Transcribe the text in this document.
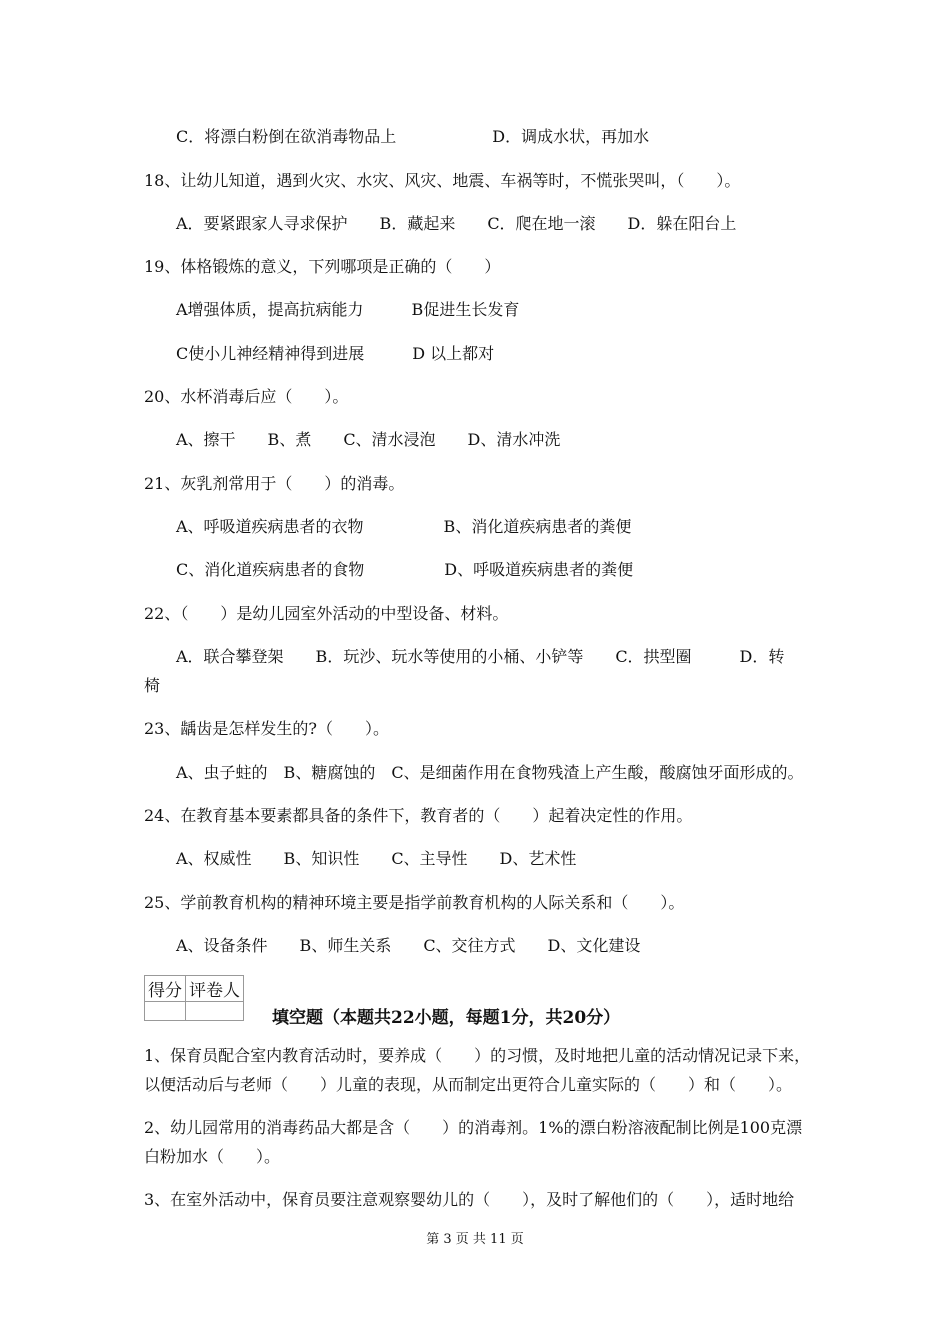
C．将漂白粉倒在欲消毒物品上　　　　　　D．调成水状，再加水

18、让幼儿知道，遇到火灾、水灾、风灾、地震、车祸等时，不慌张哭叫，（　　）。

A．要紧跟家人寻求保护　　B．藏起来　　C．爬在地一滚　　D．躲在阳台上

19、体格锻炼的意义，下列哪项是正确的（　　）

A增强体质，提高抗病能力　　　B促进生长发育

C使小儿神经精神得到进展　　　D 以上都对

20、水杯消毒后应（　　）。

A、擦干　　B、煮　　C、清水浸泡　　D、清水冲洗

21、灰乳剂常用于（　　）的消毒。

A、呼吸道疾病患者的衣物　　　　　B、消化道疾病患者的粪便

C、消化道疾病患者的食物　　　　　D、呼吸道疾病患者的粪便

22、（　　）是幼儿园室外活动的中型设备、材料。

A．联合攀登架　　B．玩沙、玩水等使用的小桶、小铲等　　C．拱型圈　　　D．转

椅

23、龋齿是怎样发生的?（　　）。

A、虫子蛀的　B、糖腐蚀的　C、是细菌作用在食物残渣上产生酸，酸腐蚀牙面形成的。

24、在教育基本要素都具备的条件下，教育者的（　　）起着决定性的作用。

A、权威性　　B、知识性　　C、主导性　　D、艺术性

25、学前教育机构的精神环境主要是指学前教育机构的人际关系和（　　）。

A、设备条件　　B、师生关系　　C、交往方式　　D、文化建设

得分	评卷人

填空题（本题共22小题，每题1分，共20分）

1、保育员配合室内教育活动时，要养成（　　）的习惯，及时地把儿童的活动情况记录下来，

以便活动后与老师（　　）儿童的表现，从而制定出更符合儿童实际的（　　）和（　　）。

2、幼儿园常用的消毒药品大都是含（　　）的消毒剂。1%的漂白粉溶液配制比例是100克漂

白粉加水（　　）。

3、在室外活动中，保育员要注意观察婴幼儿的（　　），及时了解他们的（　　），适时地给

第 3 页 共 11 页
